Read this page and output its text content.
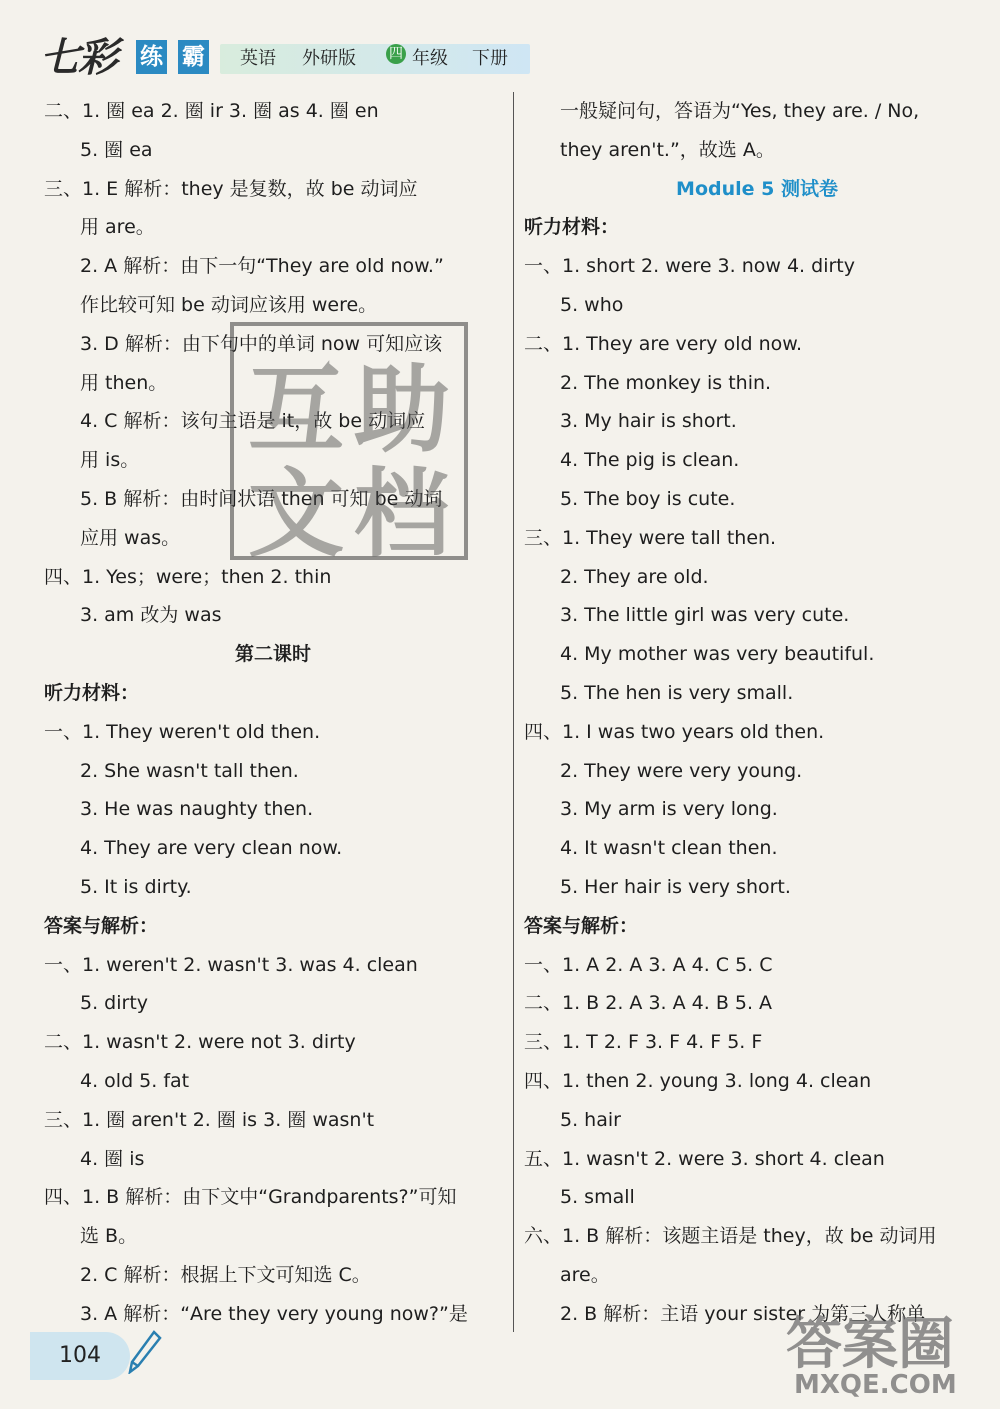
七彩 练 霸 英语 外研版 四 年级 下册
二、1. 圈 ea 2. 圈 ir 3. 圈 as 4. 圈 en
5. 圈 ea
三、1. E 解析：they 是复数，故 be 动词应
用 are。
2. A 解析：由下一句“They are old now.”
作比较可知 be 动词应该用 were。
3. D 解析：由下句中的单词 now 可知应该
用 then。
4. C 解析：该句主语是 it，故 be 动词应
用 is。
5. B 解析：由时间状语 then 可知 be 动词
应用 was。
四、1. Yes；were；then 2. thin
3. am 改为 was
第二课时
听力材料：
一、1. They weren't old then.
2. She wasn't tall then.
3. He was naughty then.
4. They are very clean now.
5. It is dirty.
答案与解析：
一、1. weren't 2. wasn't 3. was 4. clean
5. dirty
二、1. wasn't 2. were not 3. dirty
4. old 5. fat
三、1. 圈 aren't 2. 圈 is 3. 圈 wasn't
4. 圈 is
四、1. B 解析：由下文中“Grandparents?”可知
选 B。
2. C 解析：根据上下文可知选 C。
3. A 解析：“Are they very young now?”是
一般疑问句，答语为“Yes, they are. / No,
they aren't.”，故选 A。
Module 5 测试卷
听力材料：
一、1. short 2. were 3. now 4. dirty
5. who
二、1. They are very old now.
2. The monkey is thin.
3. My hair is short.
4. The pig is clean.
5. The boy is cute.
三、1. They were tall then.
2. They are old.
3. The little girl was very cute.
4. My mother was very beautiful.
5. The hen is very small.
四、1. I was two years old then.
2. They were very young.
3. My arm is very long.
4. It wasn't clean then.
5. Her hair is very short.
答案与解析：
一、1. A 2. A 3. A 4. C 5. C
二、1. B 2. A 3. A 4. B 5. A
三、1. T 2. F 3. F 4. F 5. F
四、1. then 2. young 3. long 4. clean
5. hair
五、1. wasn't 2. were 3. short 4. clean
5. small
六、1. B 解析：该题主语是 they，故 be 动词用
are。
2. B 解析：主语 your sister 为第三人称单
互 助
文 档
104	答案圈
MXQE.COM
